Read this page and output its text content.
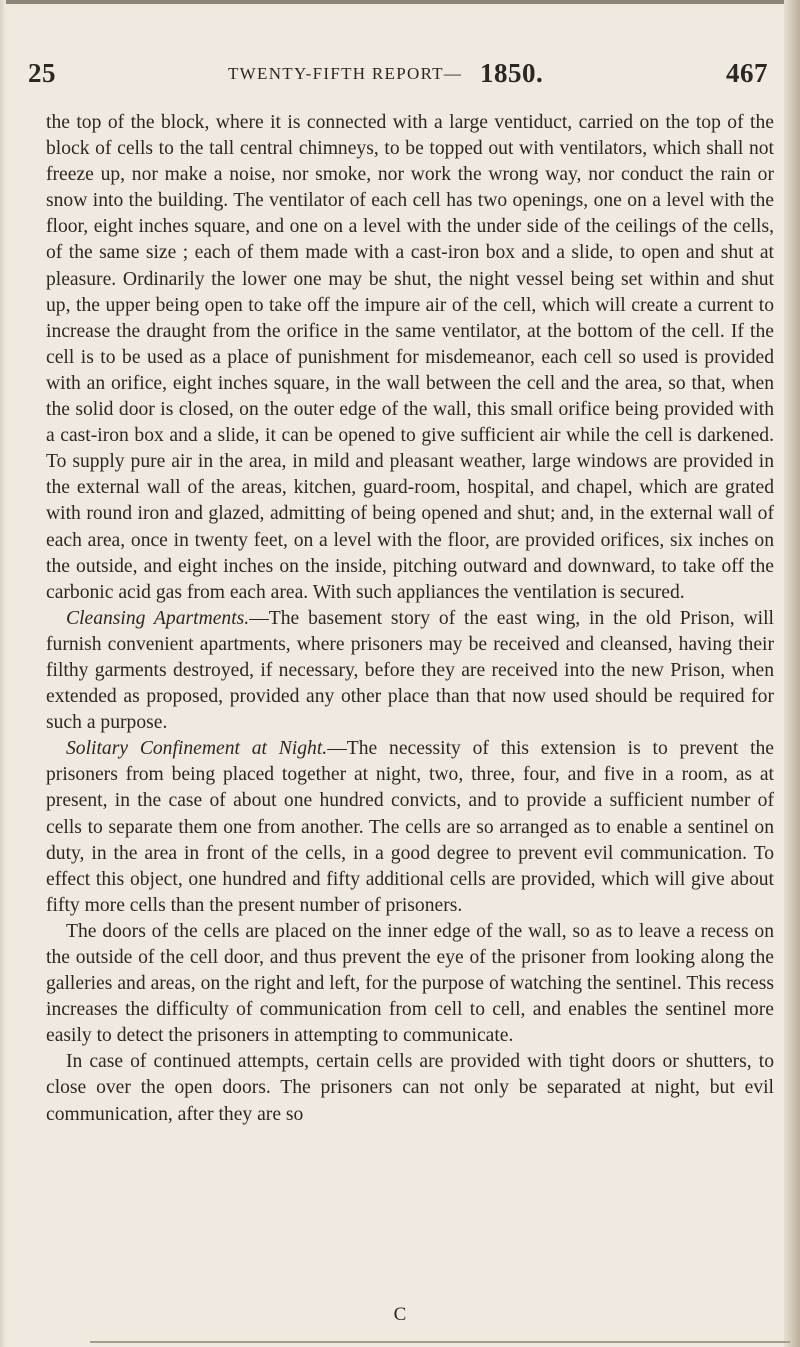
25	TWENTY-FIFTH REPORT— 1850.	467

the top of the block, where it is connected with a large ventiduct, carried on the top of the block of cells to the tall central chimneys, to be topped out with ventilators, which shall not freeze up, nor make a noise, nor smoke, nor work the wrong way, nor conduct the rain or snow into the building. The ventilator of each cell has two openings, one on a level with the floor, eight inches square, and one on a level with the under side of the ceilings of the cells, of the same size ; each of them made with a cast-iron box and a slide, to open and shut at pleasure. Ordinarily the lower one may be shut, the night vessel being set within and shut up, the upper being open to take off the impure air of the cell, which will create a current to increase the draught from the orifice in the same ventilator, at the bottom of the cell. If the cell is to be used as a place of punishment for misdemeanor, each cell so used is provided with an orifice, eight inches square, in the wall between the cell and the area, so that, when the solid door is closed, on the outer edge of the wall, this small orifice being provided with a cast-iron box and a slide, it can be opened to give sufficient air while the cell is darkened. To supply pure air in the area, in mild and pleasant weather, large windows are provided in the external wall of the areas, kitchen, guard-room, hospital, and chapel, which are grated with round iron and glazed, admitting of being opened and shut; and, in the external wall of each area, once in twenty feet, on a level with the floor, are provided orifices, six inches on the outside, and eight inches on the inside, pitching outward and downward, to take off the carbonic acid gas from each area. With such appliances the ventilation is secured.

Cleansing Apartments.—The basement story of the east wing, in the old Prison, will furnish convenient apartments, where prisoners may be received and cleansed, having their filthy garments destroyed, if necessary, before they are received into the new Prison, when extended as proposed, provided any other place than that now used should be required for such a purpose.

Solitary Confinement at Night.—The necessity of this extension is to prevent the prisoners from being placed together at night, two, three, four, and five in a room, as at present, in the case of about one hundred convicts, and to provide a sufficient number of cells to separate them one from another. The cells are so arranged as to enable a sentinel on duty, in the area in front of the cells, in a good degree to prevent evil communication. To effect this object, one hundred and fifty additional cells are provided, which will give about fifty more cells than the present number of prisoners.

The doors of the cells are placed on the inner edge of the wall, so as to leave a recess on the outside of the cell door, and thus prevent the eye of the prisoner from looking along the galleries and areas, on the right and left, for the purpose of watching the sentinel. This recess increases the difficulty of communication from cell to cell, and enables the sentinel more easily to detect the prisoners in attempting to communicate.

In case of continued attempts, certain cells are provided with tight doors or shutters, to close over the open doors. The prisoners can not only be separated at night, but evil communication, after they are so

C
